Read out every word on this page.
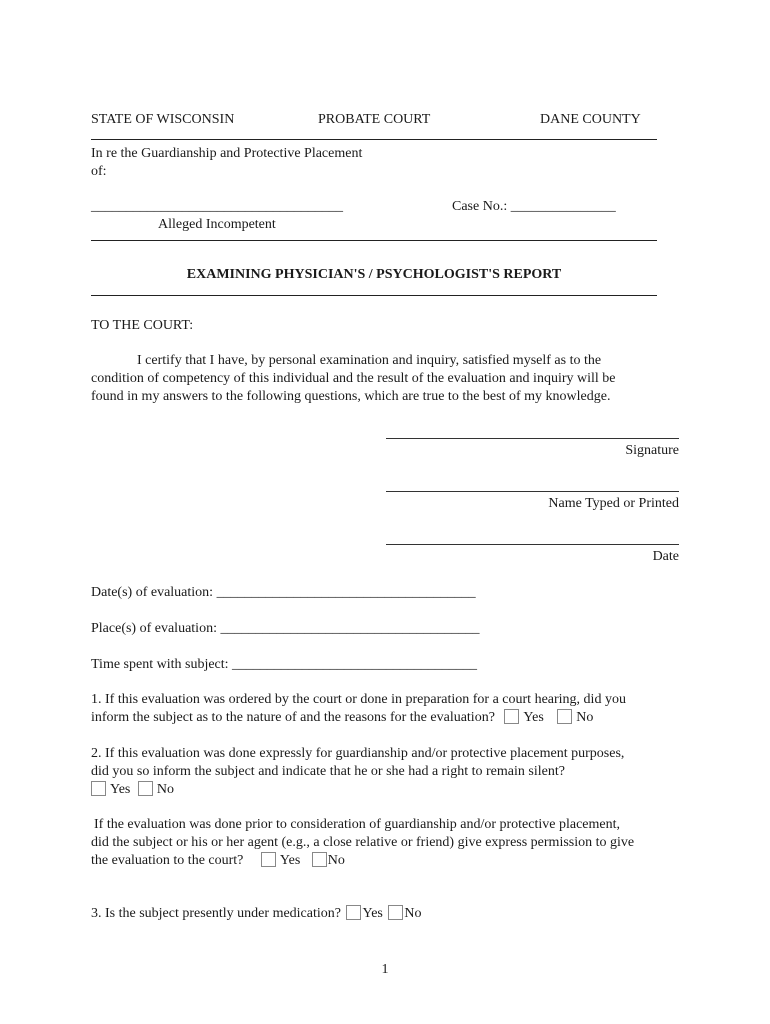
STATE OF WISCONSIN	PROBATE COURT	DANE COUNTY
In re the Guardianship and Protective Placement
of:
____________________________________	Case No.: _______________
Alleged Incompetent
EXAMINING PHYSICIAN'S / PSYCHOLOGIST'S REPORT
TO THE COURT:
I certify that I have, by personal examination and inquiry, satisfied myself as to the
condition of competency of this individual and the result of the evaluation and inquiry will be
found in my answers to the following questions, which are true to the best of my knowledge.
Signature
Name Typed or Printed
Date
Date(s) of evaluation: _____________________________________
Place(s) of evaluation: _____________________________________
Time spent with subject: ___________________________________
1. If this evaluation was ordered by the court or done in preparation for a court hearing, did you
inform the subject as to the nature of and the reasons for the evaluation? Yes No
2. If this evaluation was done expressly for guardianship and/or protective placement purposes,
did you so inform the subject and indicate that he or she had a right to remain silent?
Yes No
If the evaluation was done prior to consideration of guardianship and/or protective placement,
did the subject or his or her agent (e.g., a close relative or friend) give express permission to give
the evaluation to the court?	Yes No
3. Is the subject presently under medication? Yes No
1
